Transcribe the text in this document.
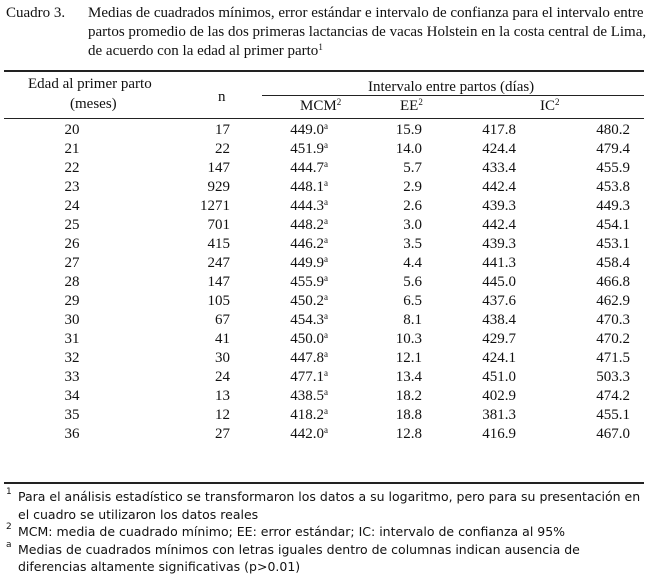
Cuadro 3. Medias de cuadrados mínimos, error estándar e intervalo de confianza para el intervalo entre partos promedio de las dos primeras lactancias de vacas Holstein en la costa central de Lima, de acuerdo con la edad al primer parto$^1$
Edad al primer parto
(meses)	n
Intervalo entre partos (días)
MCM$^2$	$EE^2$	$IC^2$
20	17	449.0$^a$	15.9	417.8	480.2
21	22	451.9$^a$	14.0	424.4	479.4
22	147	444.7$^a$	5.7	433.4	455.9
23	929	448.1$^a$	2.9	442.4	453.8
24	1271	444.3$^a$	2.6	439.3	449.3
25	701	448.2$^a$	3.0	442.4	454.1
26	415	446.2$^a$	3.5	439.3	453.1
27	247	449.9$^a$	4.4	441.3	458.4
28	147	455.9$^a$	5.6	445.0	466.8
29	105	450.2$^a$	6.5	437.6	462.9
30	67	454.3$^a$	8.1	438.4	470.3
31	41	450.0$^a$	10.3	429.7	470.2
32	30	447.8$^a$	12.1	424.1	471.5
33	24	477.1$^a$	13.4	451.0	503.3
34	13	438.5$^a$	18.2	402.9	474.2
35	12	418.2$^a$	18.8	381.3	455.1
36	27	442.0$^a$	12.8	416.9	467.0
1 Para el análisis estadístico se transformaron los datos a su logaritmo, pero para su presentación en el cuadro se utilizaron los datos reales
2 MCM: media de cuadrado mínimo; EE: error estándar; IC: intervalo de confianza al 95%
a Medias de cuadrados mínimos con letras iguales dentro de columnas indican ausencia de diferencias altamente significativas (p>0.01)
